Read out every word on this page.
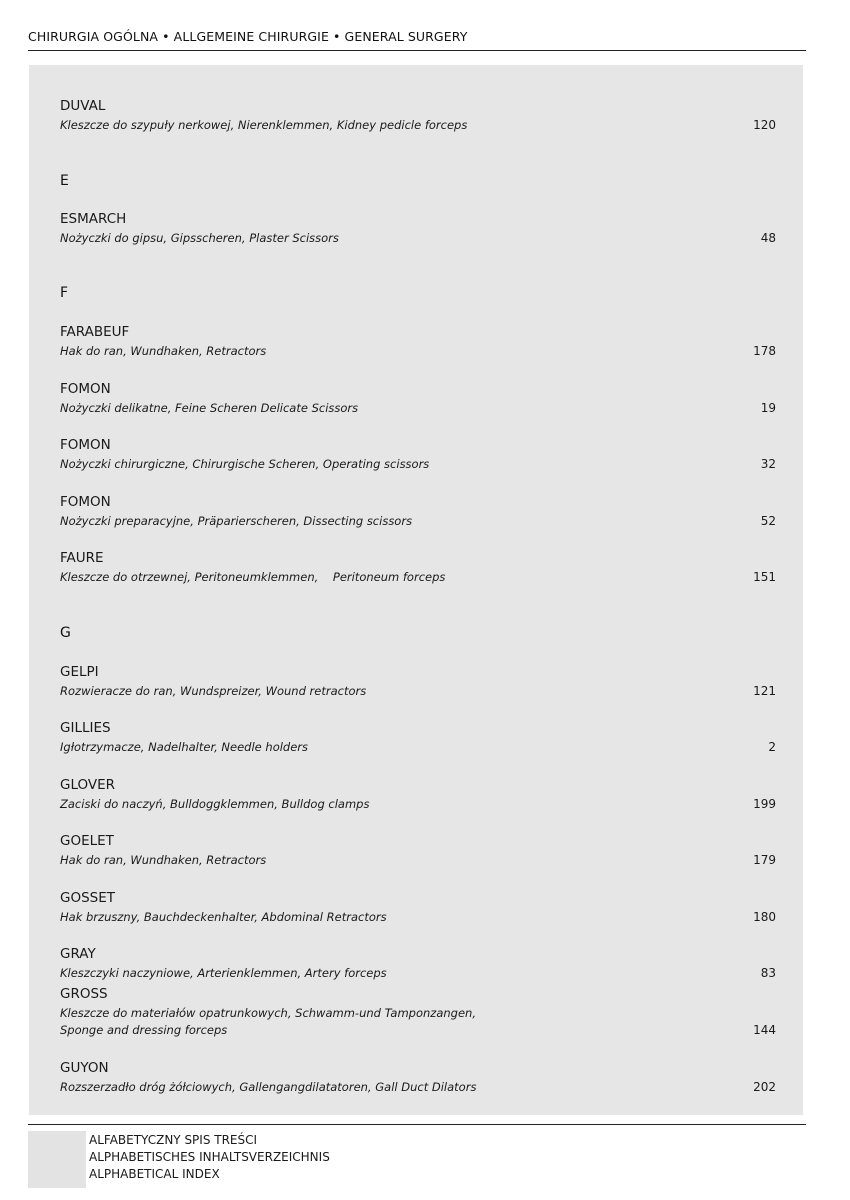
CHIRURGIA OGÓLNA • ALLGEMEINE CHIRURGIE • GENERAL SURGERY
E
F
G
DUVAL
Kleszcze do szypuły nerkowej, Nierenklemmen, Kidney pedicle forceps	120
ESMARCH
Nożyczki do gipsu, Gipsscheren, Plaster Scissors	48
FARABEUF
Hak do ran, Wundhaken, Retractors	178
FOMON
Nożyczki delikatne, Feine Scheren Delicate Scissors	19
FOMON
Nożyczki chirurgiczne, Chirurgische Scheren, Operating scissors	32
FOMON
Nożyczki preparacyjne, Präparierscheren, Dissecting scissors	52
FAURE
Kleszcze do otrzewnej, Peritoneumklemmen,    Peritoneum forceps	151
GELPI
Rozwieracze do ran, Wundspreizer, Wound retractors	121
GILLIES
Igłotrzymacze, Nadelhalter, Needle holders	2
GLOVER
Zaciski do naczyń, Bulldoggklemmen, Bulldog clamps	199
GOELET
Hak do ran, Wundhaken, Retractors	179
GOSSET
Hak brzuszny, Bauchdeckenhalter, Abdominal Retractors	180
GRAY
Kleszczyki naczyniowe, Arterienklemmen, Artery forceps	83
GROSS
Kleszcze do materiałów opatrunkowych, Schwamm-und Tamponzangen,
Sponge and dressing forceps	144
GUYON
Rozszerzadło dróg żółciowych, Gallengangdilatatoren, Gall Duct Dilators	202
ALFABETYCZNY SPIS TREŚCI
ALPHABETISCHES INHALTSVERZEICHNIS
ALPHABETICAL INDEX
